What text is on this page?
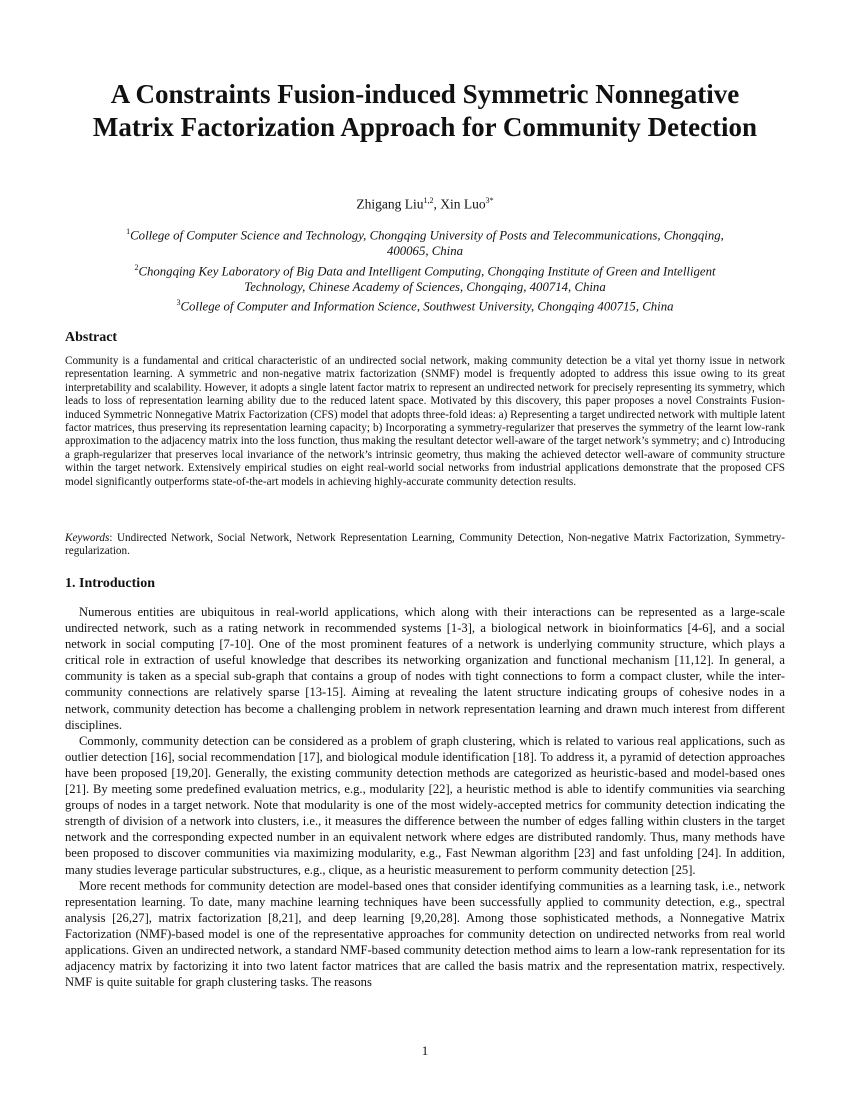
A Constraints Fusion-induced Symmetric Nonnegative
Matrix Factorization Approach for Community Detection
Zhigang Liu$^{1,2}$, Xin Luo$^{3*}$
$^1$College of Computer Science and Technology, Chongqing University of Posts and Telecommunications, Chongqing, 400065, China
$^2$Chongqing Key Laboratory of Big Data and Intelligent Computing, Chongqing Institute of Green and Intelligent Technology, Chinese Academy of Sciences, Chongqing, 400714, China
$^3$College of Computer and Information Science, Southwest University, Chongqing 400715, China
Abstract

Community is a fundamental and critical characteristic of an undirected social network, making community detection be a vital yet thorny issue in network representation learning. A symmetric and non-negative matrix factorization (SNMF) model is frequently adopted to address this issue owing to its great interpretability and scalability. However, it adopts a single latent factor matrix to represent an undirected network for precisely representing its symmetry, which leads to loss of representation learning ability due to the reduced latent space. Motivated by this discovery, this paper proposes a novel Constraints Fusion-induced Symmetric Nonnegative Matrix Factorization (CFS) model that adopts three-fold ideas: a) Representing a target undirected network with multiple latent factor matrices, thus preserving its representation learning capacity; b) Incorporating a symmetry-regularizer that preserves the symmetry of the learnt low-rank approximation to the adjacency matrix into the loss function, thus making the resultant detector well-aware of the target network’s symmetry; and c) Introducing a graph-regularizer that preserves local invariance of the network’s intrinsic geometry, thus making the achieved detector well-aware of community structure within the target network. Extensively empirical studies on eight real-world social networks from industrial applications demonstrate that the proposed CFS model significantly outperforms state-of-the-art models in achieving highly-accurate community detection results.

Keywords: Undirected Network, Social Network, Network Representation Learning, Community Detection, Non-negative Matrix Factorization, Symmetry-regularization.

1. Introduction

Numerous entities are ubiquitous in real-world applications, which along with their interactions can be represented as a large-scale undirected network, such as a rating network in recommended systems [1-3], a biological network in bioinformatics [4-6], and a social network in social computing [7-10]. One of the most prominent features of a network is underlying community structure, which plays a critical role in extraction of useful knowledge that describes its networking organization and functional mechanism [11,12]. In general, a community is taken as a special sub-graph that contains a group of nodes with tight connections to form a compact cluster, while the inter-community connections are relatively sparse [13-15]. Aiming at revealing the latent structure indicating groups of cohesive nodes in a network, community detection has become a challenging problem in network representation learning and drawn much interest from different disciplines.

Commonly, community detection can be considered as a problem of graph clustering, which is related to various real applications, such as outlier detection [16], social recommendation [17], and biological module identification [18]. To address it, a pyramid of detection approaches have been proposed [19,20]. Generally, the existing community detection methods are categorized as heuristic-based and model-based ones [21]. By meeting some predefined evaluation metrics, e.g., modularity [22], a heuristic method is able to identify communities via searching groups of nodes in a target network. Note that modularity is one of the most widely-accepted metrics for community detection indicating the strength of division of a network into clusters, i.e., it measures the difference between the number of edges falling within clusters in the target network and the corresponding expected number in an equivalent network where edges are distributed randomly. Thus, many methods have been proposed to discover communities via maximizing modularity, e.g., Fast Newman algorithm [23] and fast unfolding [24]. In addition, many studies leverage particular substructures, e.g., clique, as a heuristic measurement to perform community detection [25].

More recent methods for community detection are model-based ones that consider identifying communities as a learning task, i.e., network representation learning. To date, many machine learning techniques have been successfully applied to community detection, e.g., spectral analysis [26,27], matrix factorization [8,21], and deep learning [9,20,28]. Among those sophisticated methods, a Nonnegative Matrix Factorization (NMF)-based model is one of the representative approaches for community detection on undirected networks from real world applications. Given an undirected network, a standard NMF-based community detection method aims to learn a low-rank representation for its adjacency matrix by factorizing it into two latent factor matrices that are called the basis matrix and the representation matrix, respectively. NMF is quite suitable for graph clustering tasks. The reasons

1
